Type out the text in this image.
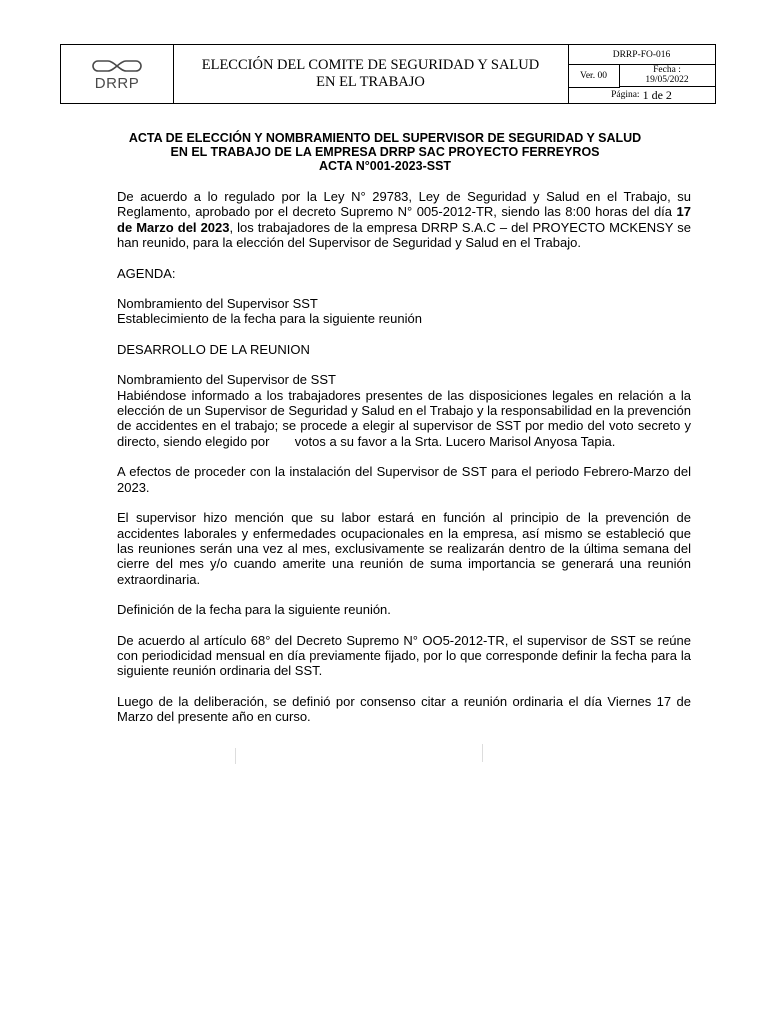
DRRP
ELECCIÓN DEL COMITE DE SEGURIDAD Y SALUD
EN EL TRABAJO
DRRP-FO-016
Ver. 00
Fecha :
19/05/2022
Página: 1 de 2
ACTA DE ELECCIÓN Y NOMBRAMIENTO DEL SUPERVISOR DE SEGURIDAD Y SALUD
EN EL TRABAJO DE LA EMPRESA DRRP SAC PROYECTO FERREYROS
ACTA N°001-2023-SST

De acuerdo a lo regulado por la Ley N° 29783, Ley de Seguridad y Salud en el Trabajo, su Reglamento, aprobado por el decreto Supremo N° 005-2012-TR, siendo las 8:00 horas del día 17 de Marzo del 2023, los trabajadores de la empresa DRRP S.A.C – del PROYECTO MCKENSY se han reunido, para la elección del Supervisor de Seguridad y Salud en el Trabajo.

AGENDA:

Nombramiento del Supervisor SST

Establecimiento de la fecha para la siguiente reunión

DESARROLLO DE LA REUNION

Nombramiento del Supervisor de SST

Habiéndose informado a los trabajadores presentes de las disposiciones legales en relación a la elección de un Supervisor de Seguridad y Salud en el Trabajo y la responsabilidad en la prevención de accidentes en el trabajo; se procede a elegir al supervisor de SST por medio del voto secreto y directo, siendo elegido por       votos a su favor a la Srta. Lucero Marisol Anyosa Tapia.

A efectos de proceder con la instalación del Supervisor de SST para el periodo Febrero-Marzo del 2023.

El supervisor hizo mención que su labor estará en función al principio de la prevención de accidentes laborales y enfermedades ocupacionales en la empresa, así mismo se estableció que las reuniones serán una vez al mes, exclusivamente se realizarán dentro de la última semana del cierre del mes y/o cuando amerite una reunión de suma importancia se generará una reunión extraordinaria.

Definición de la fecha para la siguiente reunión.

De acuerdo al artículo 68° del Decreto Supremo N° OO5-2012-TR, el supervisor de SST se reúne con periodicidad mensual en día previamente fijado, por lo que corresponde definir la fecha para la siguiente reunión ordinaria del SST.

Luego de la deliberación, se definió por consenso citar a reunión ordinaria el día Viernes 17 de Marzo del presente año en curso.
